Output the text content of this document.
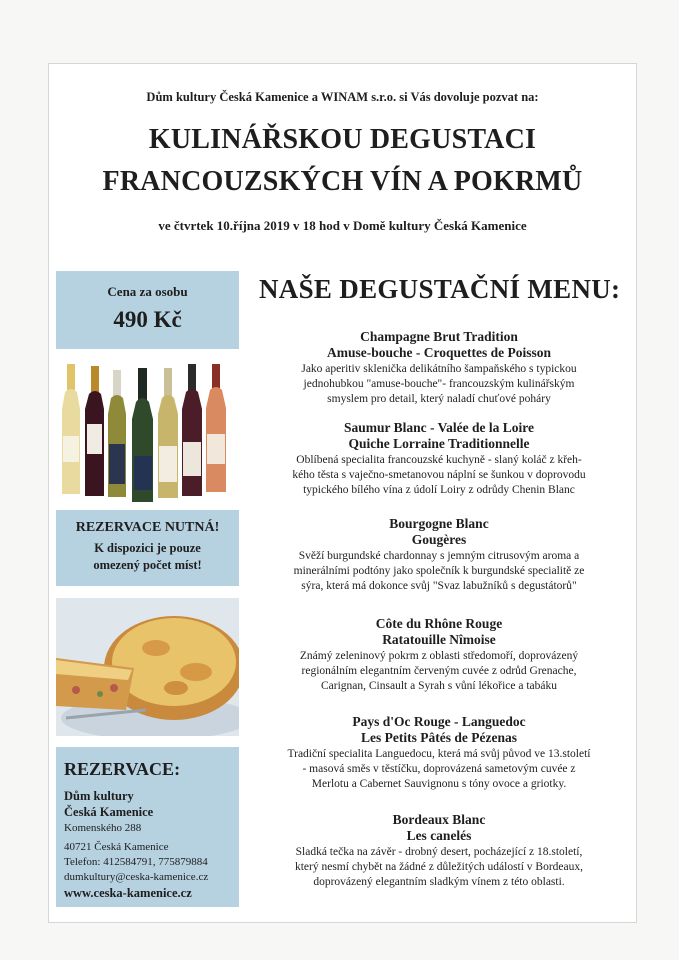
Dům kultury Česká Kamenice a WINAM s.r.o. si Vás dovoluje pozvat na:
KULINÁŘSKOU DEGUSTACI
FRANCOUZSKÝCH VÍN A POKRMŮ
ve čtvrtek 10.října 2019 v 18 hod v Domě kultury Česká Kamenice
Cena za osobu
490 Kč
REZERVACE NUTNÁ!
K dispozici je pouze
omezený počet míst!
REZERVACE:
Dům kultury
Česká Kamenice
Komenského 288
40721 Česká Kamenice
Telefon: 412584791, 775879884
dumkultury@ceska-kamenice.cz
www.ceska-kamenice.cz
NAŠE DEGUSTAČNÍ MENU:
Champagne Brut Tradition
Amuse-bouche - Croquettes de Poisson
Jako aperitiv sklenička delikátního šampaňského s typickou
jednohubkou "amuse-bouche"- francouzským kulinářským
smyslem pro detail, který naladí chuťové poháry
Saumur Blanc - Valée de la Loire
Quiche Lorraine Traditionnelle
Oblíbená specialita francouzské kuchyně - slaný koláč z křeh-
kého těsta s vaječno-smetanovou náplní se šunkou v doprovodu
typického bílého vína z údolí Loiry z odrůdy Chenin Blanc
Bourgogne Blanc
Gougères
Svěží burgundské chardonnay s jemným citrusovým aroma a
minerálními podtóny jako společník k burgundské specialitě ze
sýra, která má dokonce svůj "Svaz labužníků s degustátorů"
Côte du Rhône Rouge
Ratatouille Nîmoise
Známý zeleninový pokrm z oblasti středomoří, doprovázený
regionálním elegantním červeným cuvée z odrůd Grenache,
Carignan, Cinsault a Syrah s vůní lékořice a tabáku
Pays d'Oc Rouge - Languedoc
Les Petits Pâtés de Pézenas
Tradiční specialita Languedocu, která má svůj původ ve 13.století
- masová směs v těstíčku, doprovázená sametovým cuvée z
Merlotu a Cabernet Sauvignonu s tóny ovoce a griotky.
Bordeaux Blanc
Les canelés
Sladká tečka na závěr - drobný desert, pocházející z 18.století,
který nesmí chybět na žádné z důležitých událostí v Bordeaux,
doprovázený elegantním sladkým vínem z této oblasti.
